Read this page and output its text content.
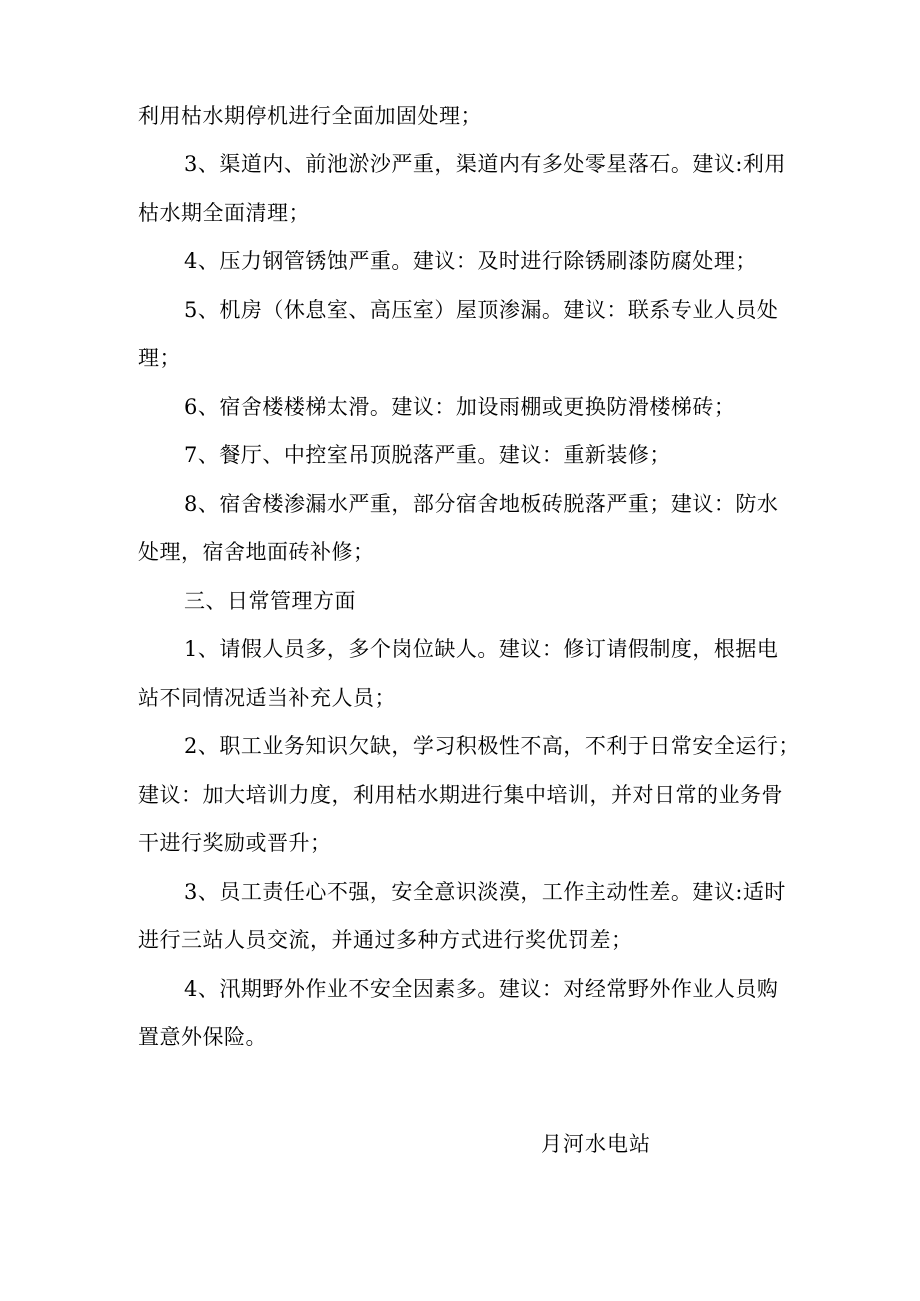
利用枯水期停机进行全面加固处理；
3、渠道内、前池淤沙严重，渠道内有多处零星落石。建议:利用
枯水期全面清理；
4、压力钢管锈蚀严重。建议：及时进行除锈刷漆防腐处理；
5、机房（休息室、高压室）屋顶渗漏。建议：联系专业人员处
理；
6、宿舍楼楼梯太滑。建议：加设雨棚或更换防滑楼梯砖；
7、餐厅、中控室吊顶脱落严重。建议：重新装修；
8、宿舍楼渗漏水严重，部分宿舍地板砖脱落严重；建议：防水
处理，宿舍地面砖补修；
三、日常管理方面
1、请假人员多，多个岗位缺人。建议：修订请假制度，根据电
站不同情况适当补充人员；
2、职工业务知识欠缺，学习积极性不高，不利于日常安全运行；
建议：加大培训力度，利用枯水期进行集中培训，并对日常的业务骨
干进行奖励或晋升；
3、员工责任心不强，安全意识淡漠，工作主动性差。建议:适时
进行三站人员交流，并通过多种方式进行奖优罚差；
4、汛期野外作业不安全因素多。建议：对经常野外作业人员购
置意外保险。
月河水电站
